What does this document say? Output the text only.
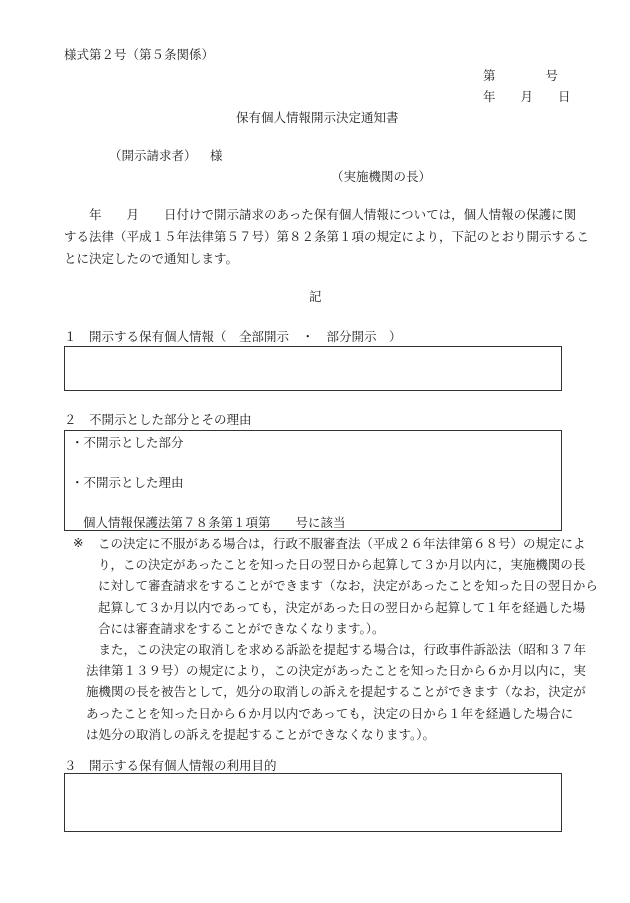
様式第２号（第５条関係）
第　　　　号
年　　月　　日
保有個人情報開示決定通知書
（開示請求者） 様
（実施機関の長）
　　年　　月　　日付けで開示請求のあった保有個人情報については，個人情報の保護に関
する法律（平成１５年法律第５７号）第８２条第１項の規定により，下記のとおり開示するこ
とに決定したので通知します。
記
１　開示する保有個人情報（　全部開示　・　部分開示　）
２　不開示とした部分とその理由
・不開示とした部分
・不開示とした理由
個人情報保護法第７８条第１項第　　号に該当
※ この決定に不服がある場合は，行政不服審査法（平成２６年法律第６８号）の規定によ
り，この決定があったことを知った日の翌日から起算して３か月以内に，実施機関の長
に対して審査請求をすることができます（なお，決定があったことを知った日の翌日から
起算して３か月以内であっても，決定があった日の翌日から起算して１年を経過した場
合には審査請求をすることができなくなります。）。
　また，この決定の取消しを求める訴訟を提起する場合は，行政事件訴訟法（昭和３７年
法律第１３９号）の規定により，この決定があったことを知った日から６か月以内に，実
施機関の長を被告として，処分の取消しの訴えを提起することができます（なお，決定が
あったことを知った日から６か月以内であっても，決定の日から１年を経過した場合に
は処分の取消しの訴えを提起することができなくなります。）。
３　開示する保有個人情報の利用目的
